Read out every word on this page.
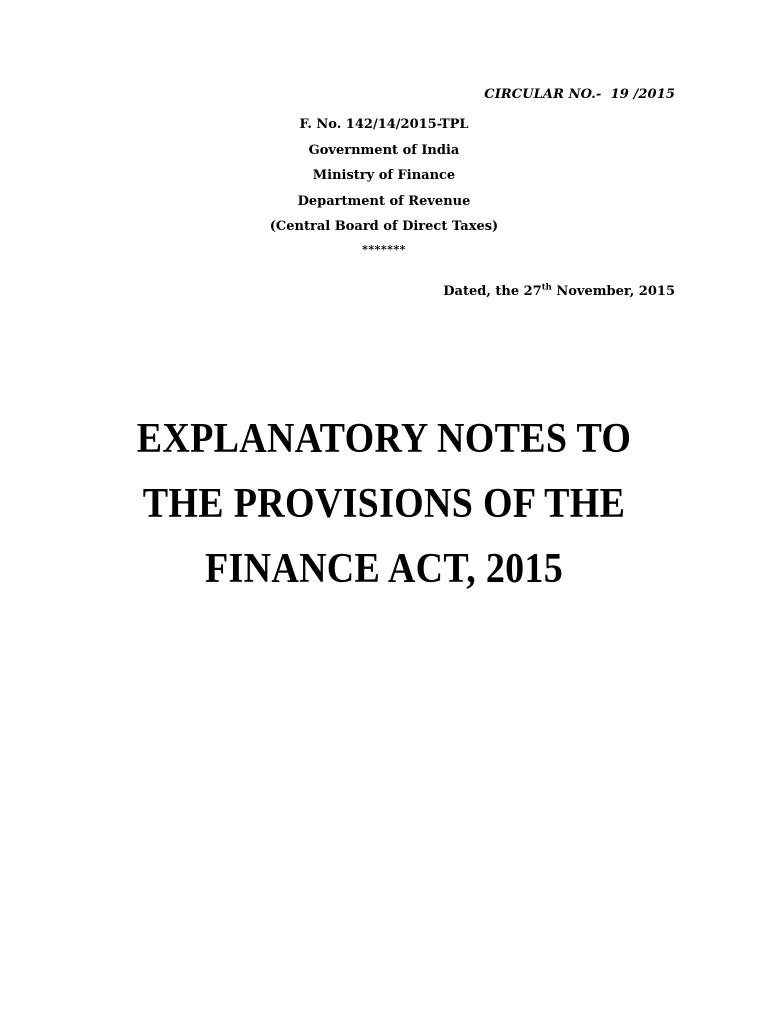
CIRCULAR NO.-  19 /2015
F. No. 142/14/2015-TPL
Government of India
Ministry of Finance
Department of Revenue
(Central Board of Direct Taxes)
*******
Dated, the 27th November, 2015
EXPLANATORY NOTES TO
THE PROVISIONS OF THE
FINANCE ACT, 2015
